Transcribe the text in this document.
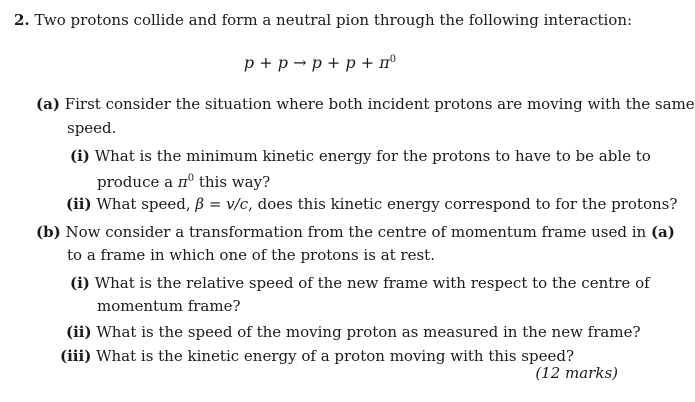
2. Two protons collide and form a neutral pion through the following interaction:
$p + p \to p + p + \pi^0$
(a) First consider the situation where both incident protons are moving with the same
speed.
(i) What is the minimum kinetic energy for the protons to have to be able to
produce a $\pi^0$ this way?
(ii) What speed, β = v/c, does this kinetic energy correspond to for the protons?
(b) Now consider a transformation from the centre of momentum frame used in (a)
to a frame in which one of the protons is at rest.
(i) What is the relative speed of the new frame with respect to the centre of
momentum frame?
(ii) What is the speed of the moving proton as measured in the new frame?
(iii) What is the kinetic energy of a proton moving with this speed?
(12 marks)
